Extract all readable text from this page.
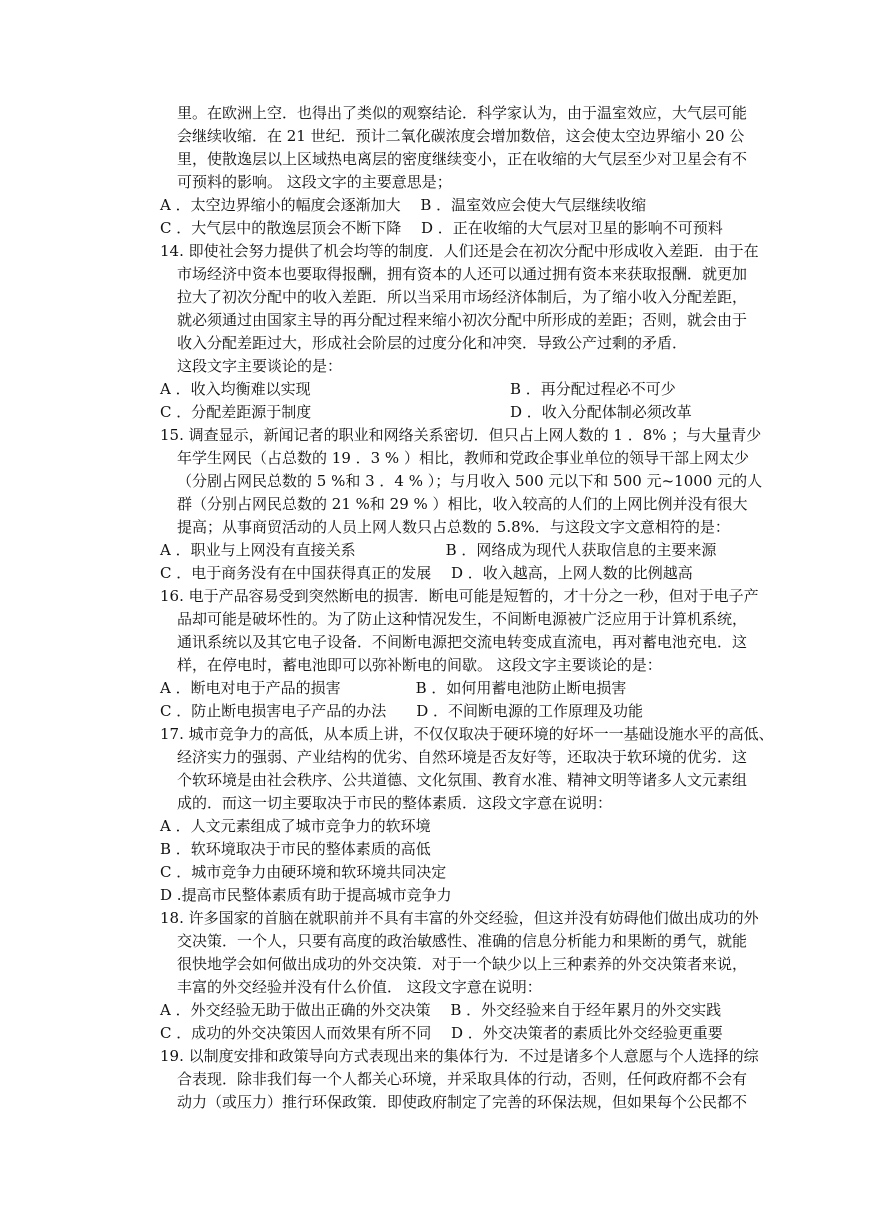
里。在欧洲上空．也得出了类似的观察结论．科学家认为，由于温室效应，大气层可能
会继续收缩．在 21 世纪．预计二氧化碳浓度会增加数倍，这会使太空边界缩小 20 公
里，使散逸层以上区域热电离层的密度继续变小，正在收缩的大气层至少对卫星会有不
可预料的影响。 这段文字的主要意思是；
A ．太空边界缩小的幅度会逐渐加大　 B ．温室效应会使大气层继续收缩
C ．大气层中的散逸层顶会不断下降　 D ．正在收缩的大气层对卫星的影响不可预料
14. 即使社会努力提供了机会均等的制度．人们还是会在初次分配中形成收入差距．由于在
市场经济中资本也要取得报酬，拥有资本的人还可以通过拥有资本来获取报酬．就更加
拉大了初次分配中的收入差距．所以当采用市场经济体制后，为了缩小收入分配差距，
就必须通过由国家主导的再分配过程来缩小初次分配中所形成的差距；否则，就会由于
收入分配差距过大，形成社会阶层的过度分化和冲突．导致公产过剩的矛盾．
这段文字主要谈论的是：
A ．收入均衡难以实现	B ．再分配过程必不可少
C ．分配差距源于制度	D ．收入分配体制必须改革
15. 调查显示，新闻记者的职业和网络关系密切．但只占上网人数的 1 ．8% ；与大量青少
年学生网民（占总数的 19 ．3 % ）相比，教师和党政企事业单位的领导干部上网太少
（分剧占网民总数的 5 %和 3 ．4 % ）；与月收入 500 元以下和 500 元~1000 元的人
群（分别占网民总数的 21 %和 29 % ）相比，收入较高的人们的上网比例并没有很大
提高；从事商贸活动的人员上网人数只占总数的 5.8%．与这段文字文意相符的是：
A ．职业与上网没有直接关系　　　　　　B ．网络成为现代人获取信息的主要来源
C ．电于商务没有在中国获得真正的发展　 D ．收入越高，上网人数的比例越高
16. 电于产品容易受到突然断电的损害．断电可能是短暂的，才十分之一秒，但对于电子产
品却可能是破坏性的。为了防止这种情况发生，不间断电源被广泛应用于计算机系统，
通讯系统以及其它电子设备．不间断电源把交流电转变成直流电，再对蓄电池充电．这
样，在停电时，蓄电池即可以弥补断电的间歇。 这段文字主要谈论的是：
A ．断电对电于产品的损害　　　　　B ．如何用蓄电池防止断电损害
C ．防止断电损害电子产品的办法　　D ．不间断电源的工作原理及功能
17. 城市竞争力的高低，从本质上讲，不仅仅取决于硬环境的好坏一一基础设施水平的高低、
经济实力的强弱、产业结构的优劣、自然环境是否友好等，还取决于软环境的优劣．这
个软环境是由社会秩序、公共道德、文化氛围、教育水准、精神文明等诸多人文元素组
成的．而这一切主要取决于市民的整体素质．这段文字意在说明：
A ．人文元素组成了城市竞争力的软环境
B ．软环境取决于市民的整体素质的高低
C ．城市竞争力由硬环境和软环境共同决定
D .提高市民整体素质有助于提高城市竞争力
18. 许多国家的首脑在就职前并不具有丰富的外交经验，但这并没有妨碍他们做出成功的外
交决策．一个人，只要有高度的政治敏感性、准确的信息分析能力和果断的勇气，就能
很快地学会如何做出成功的外交决策．对于一个缺少以上三种素养的外交决策者来说，
丰富的外交经验并没有什么价值． 这段文字意在说明：
A ．外交经验无助于做出正确的外交决策　 B ．外交经验来自于经年累月的外交实践
C ．成功的外交决策因人而效果有所不同　 D ．外交决策者的素质比外交经验更重要
19. 以制度安排和政策导向方式表现出来的集体行为．不过是诸多个人意愿与个人选择的综
合表现．除非我们每一个人都关心环境，并采取具体的行动，否则，任何政府都不会有
动力（或压力）推行环保政策．即使政府制定了完善的环保法规，但如果每个公民都不
